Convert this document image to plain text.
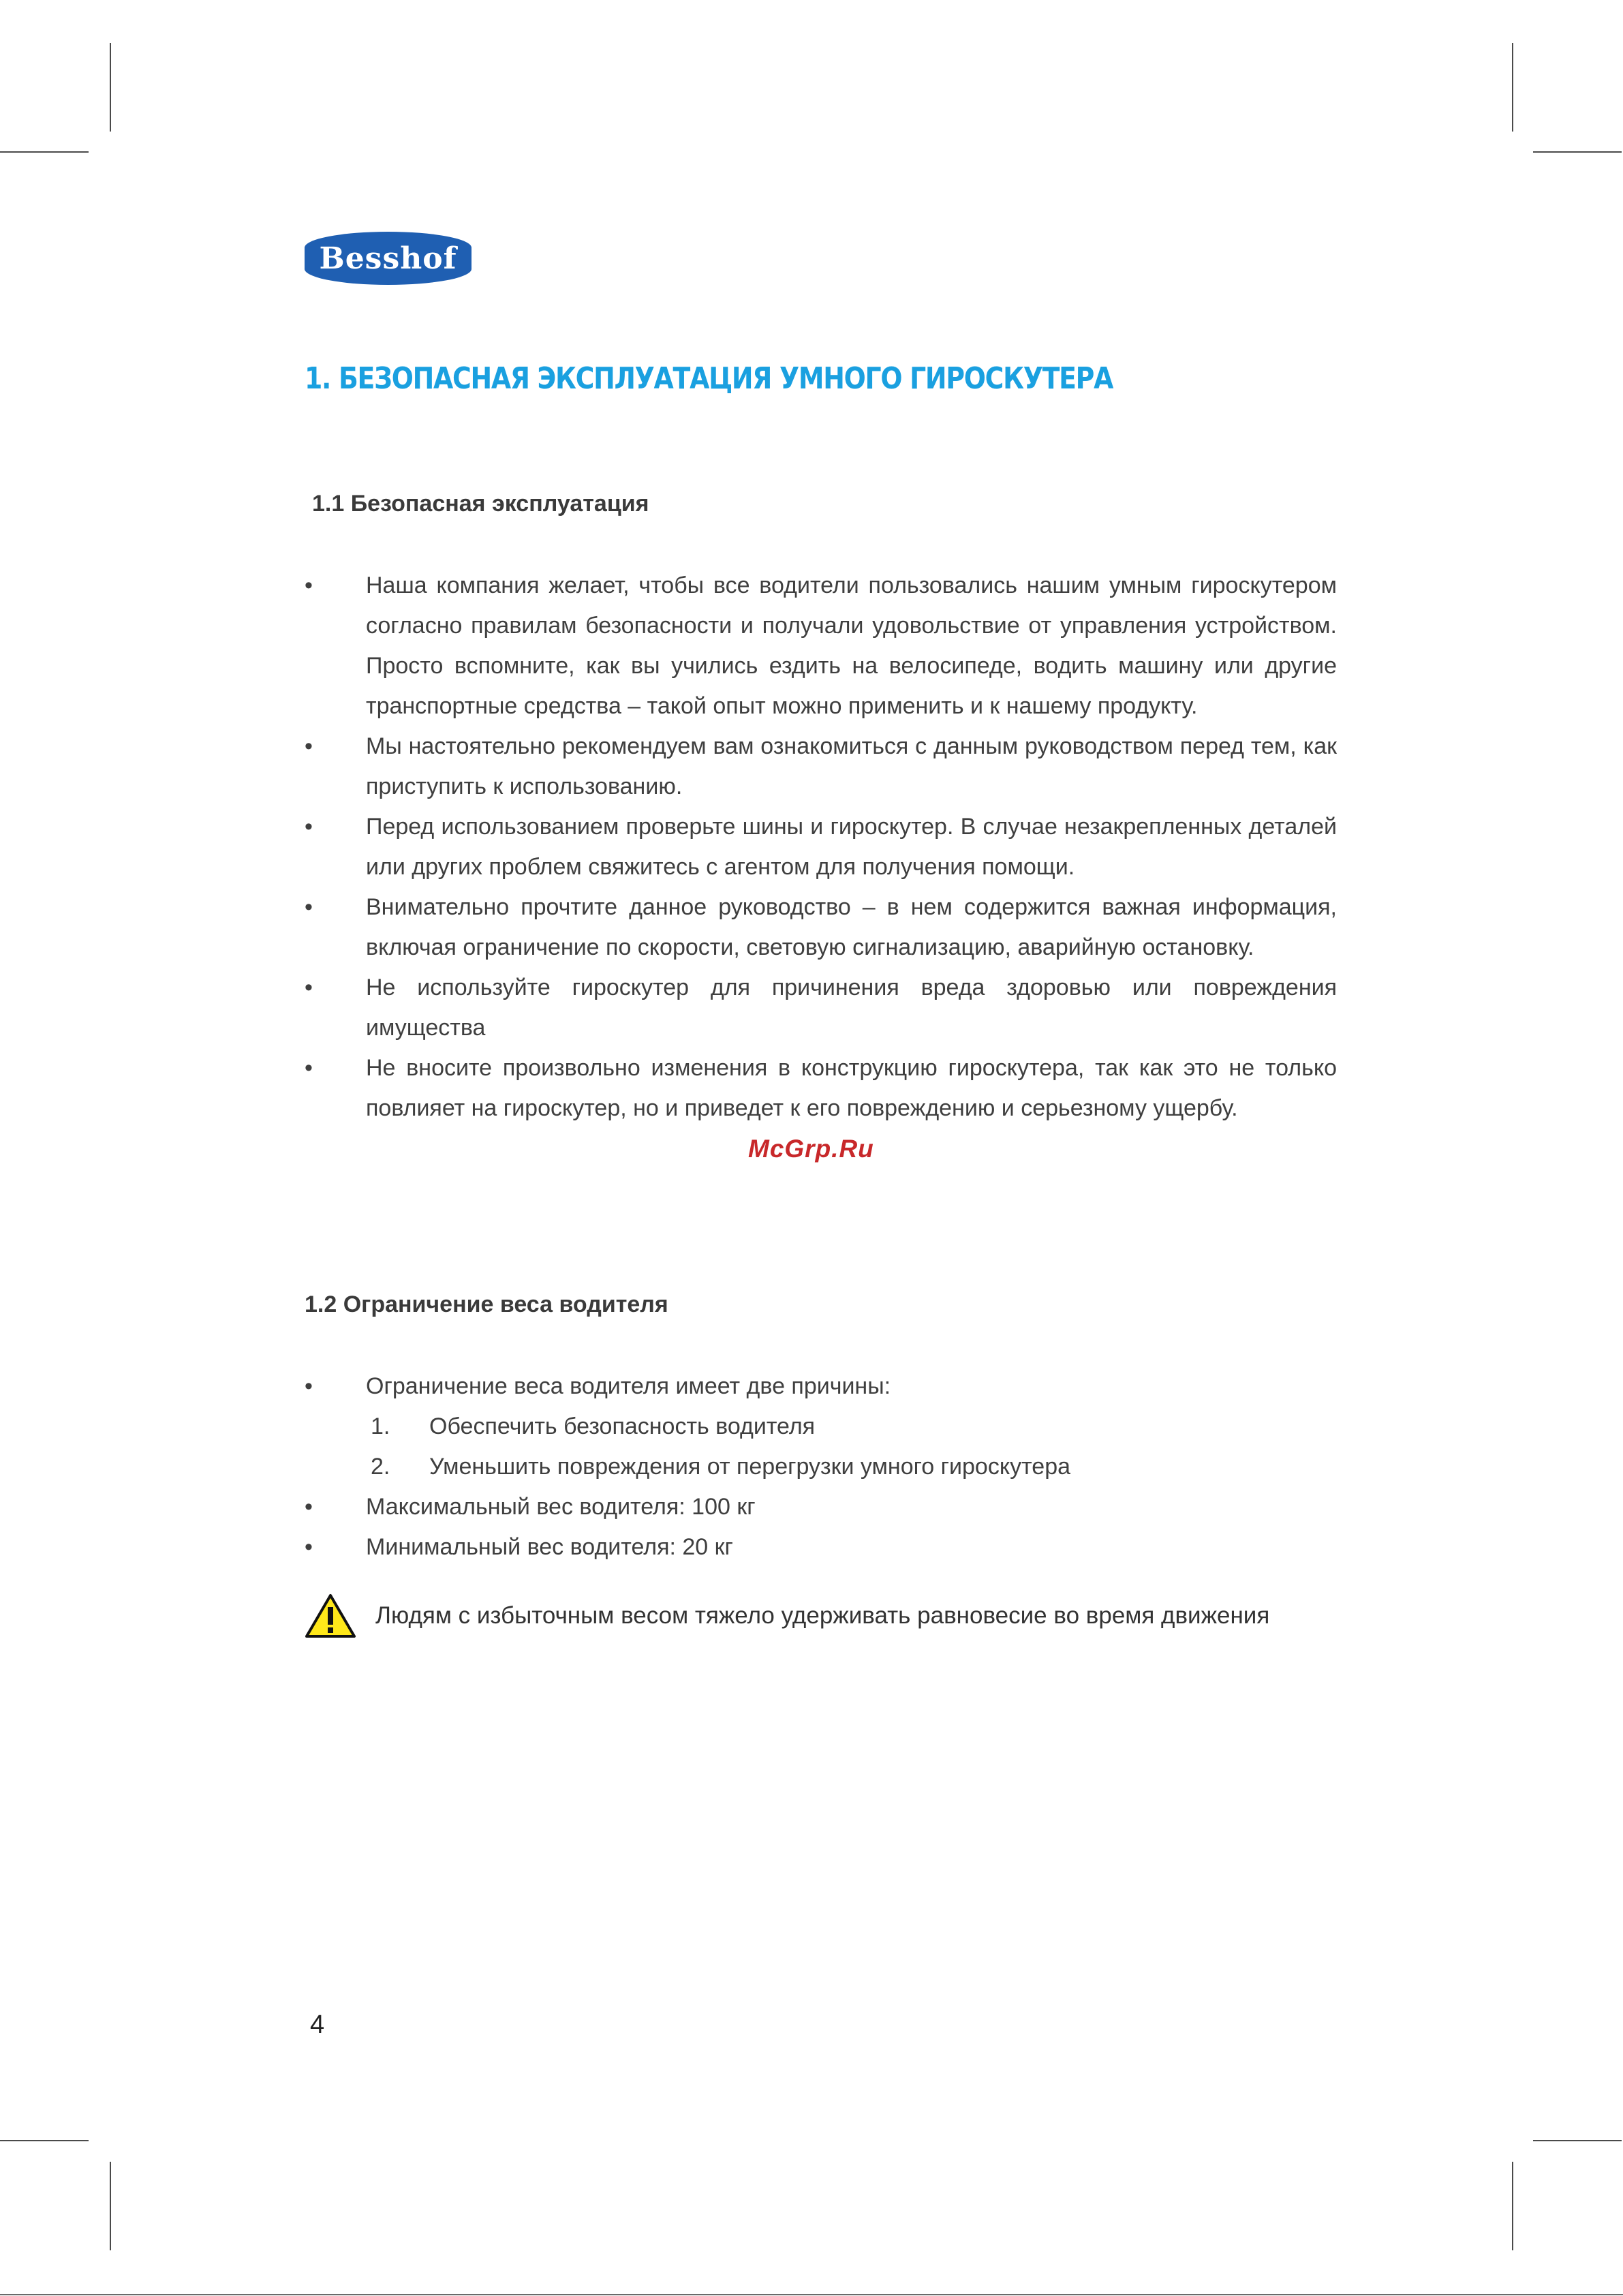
Besshof
1. БЕЗОПАСНАЯ ЭКСПЛУАТАЦИЯ УМНОГО ГИРОСКУТЕРА
1.1 Безопасная эксплуатация
•	Наша компания желает, чтобы все водители пользовались нашим умным гироскутером согласно правилам безопасности и получали удовольствие от управления устройством. Просто вспомните, как вы учились ездить на велосипеде, водить машину или другие транспортные средства – такой опыт можно применить и к нашему продукту.
•	Мы настоятельно рекомендуем вам ознакомиться с данным руководством перед тем, как приступить к использованию.
•	Перед использованием проверьте шины и гироскутер. В случае незакрепленных деталей или других проблем свяжитесь с агентом для получения помощи.
•	Внимательно прочтите данное руководство – в нем содержится важная информация, включая ограничение по скорости, световую сигнализацию, аварийную остановку.
•	Не используйте гироскутер для причинения вреда здоровью или повреждения имущества
•	Не вносите произвольно изменения в конструкцию гироскутера, так как это не только повлияет на гироскутер, но и приведет к его повреждению и серьезному ущербу.
McGrp.Ru
1.2 Ограничение веса водителя
•	Ограничение веса водителя имеет две причины:
1. Обеспечить безопасность водителя
2. Уменьшить повреждения от перегрузки умного гироскутера
•	Максимальный вес водителя: 100 кг
•	Минимальный вес водителя: 20 кг
Людям с избыточным весом тяжело удерживать равновесие во время движения
4
